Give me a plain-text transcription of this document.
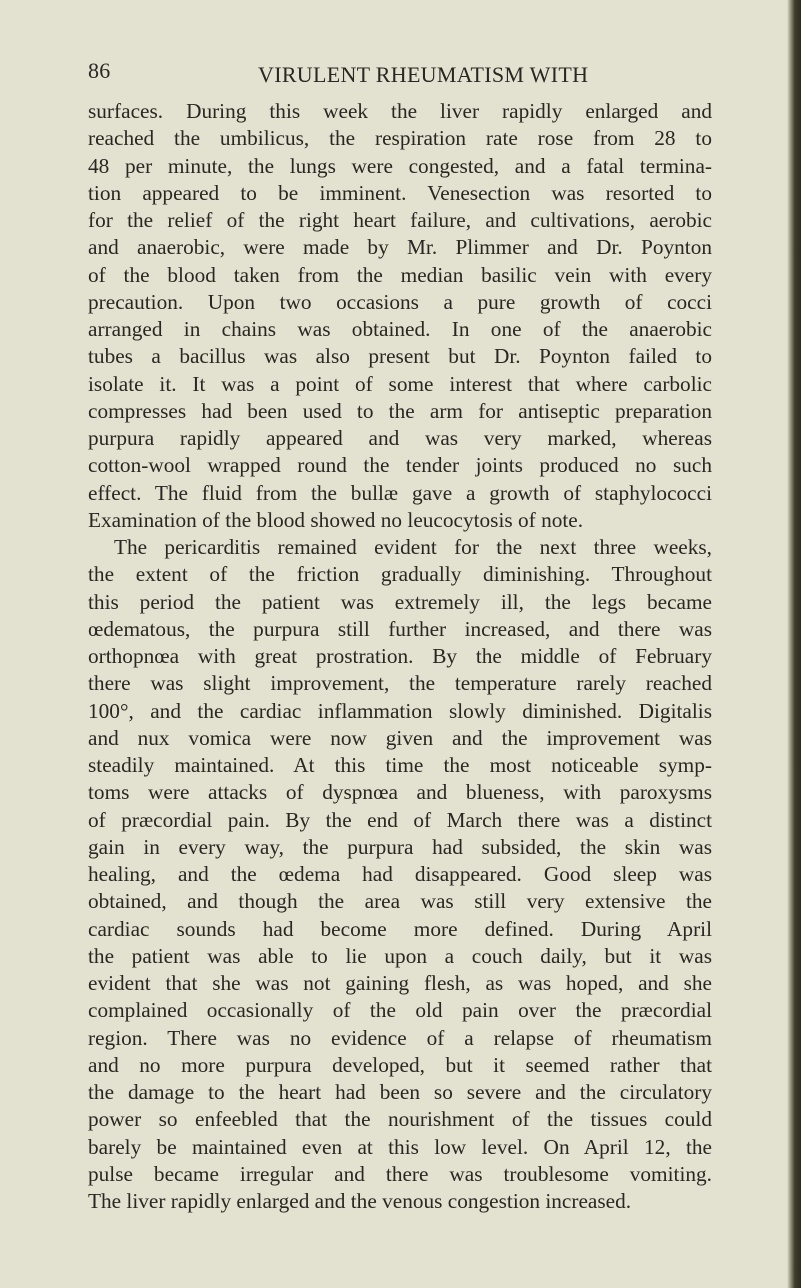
86	VIRULENT RHEUMATISM WITH
surfaces. During this week the liver rapidly enlarged and
reached the umbilicus, the respiration rate rose from 28 to
48 per minute, the lungs were congested, and a fatal termina-
tion appeared to be imminent. Venesection was resorted to
for the relief of the right heart failure, and cultivations, aerobic
and anaerobic, were made by Mr. Plimmer and Dr. Poynton
of the blood taken from the median basilic vein with every
precaution. Upon two occasions a pure growth of cocci
arranged in chains was obtained. In one of the anaerobic
tubes a bacillus was also present but Dr. Poynton failed to
isolate it. It was a point of some interest that where carbolic
compresses had been used to the arm for antiseptic preparation
purpura rapidly appeared and was very marked, whereas
cotton-wool wrapped round the tender joints produced no such
effect. The fluid from the bullæ gave a growth of staphylococci
Examination of the blood showed no leucocytosis of note.
The pericarditis remained evident for the next three weeks,
the extent of the friction gradually diminishing. Throughout
this period the patient was extremely ill, the legs became
œdematous, the purpura still further increased, and there was
orthopnœa with great prostration. By the middle of February
there was slight improvement, the temperature rarely reached
100°, and the cardiac inflammation slowly diminished. Digitalis
and nux vomica were now given and the improvement was
steadily maintained. At this time the most noticeable symp-
toms were attacks of dyspnœa and blueness, with paroxysms
of præcordial pain. By the end of March there was a distinct
gain in every way, the purpura had subsided, the skin was
healing, and the œdema had disappeared. Good sleep was
obtained, and though the area was still very extensive the
cardiac sounds had become more defined. During April
the patient was able to lie upon a couch daily, but it was
evident that she was not gaining flesh, as was hoped, and she
complained occasionally of the old pain over the præcordial
region. There was no evidence of a relapse of rheumatism
and no more purpura developed, but it seemed rather that
the damage to the heart had been so severe and the circulatory
power so enfeebled that the nourishment of the tissues could
barely be maintained even at this low level. On April 12, the
pulse became irregular and there was troublesome vomiting.
The liver rapidly enlarged and the venous congestion increased.
